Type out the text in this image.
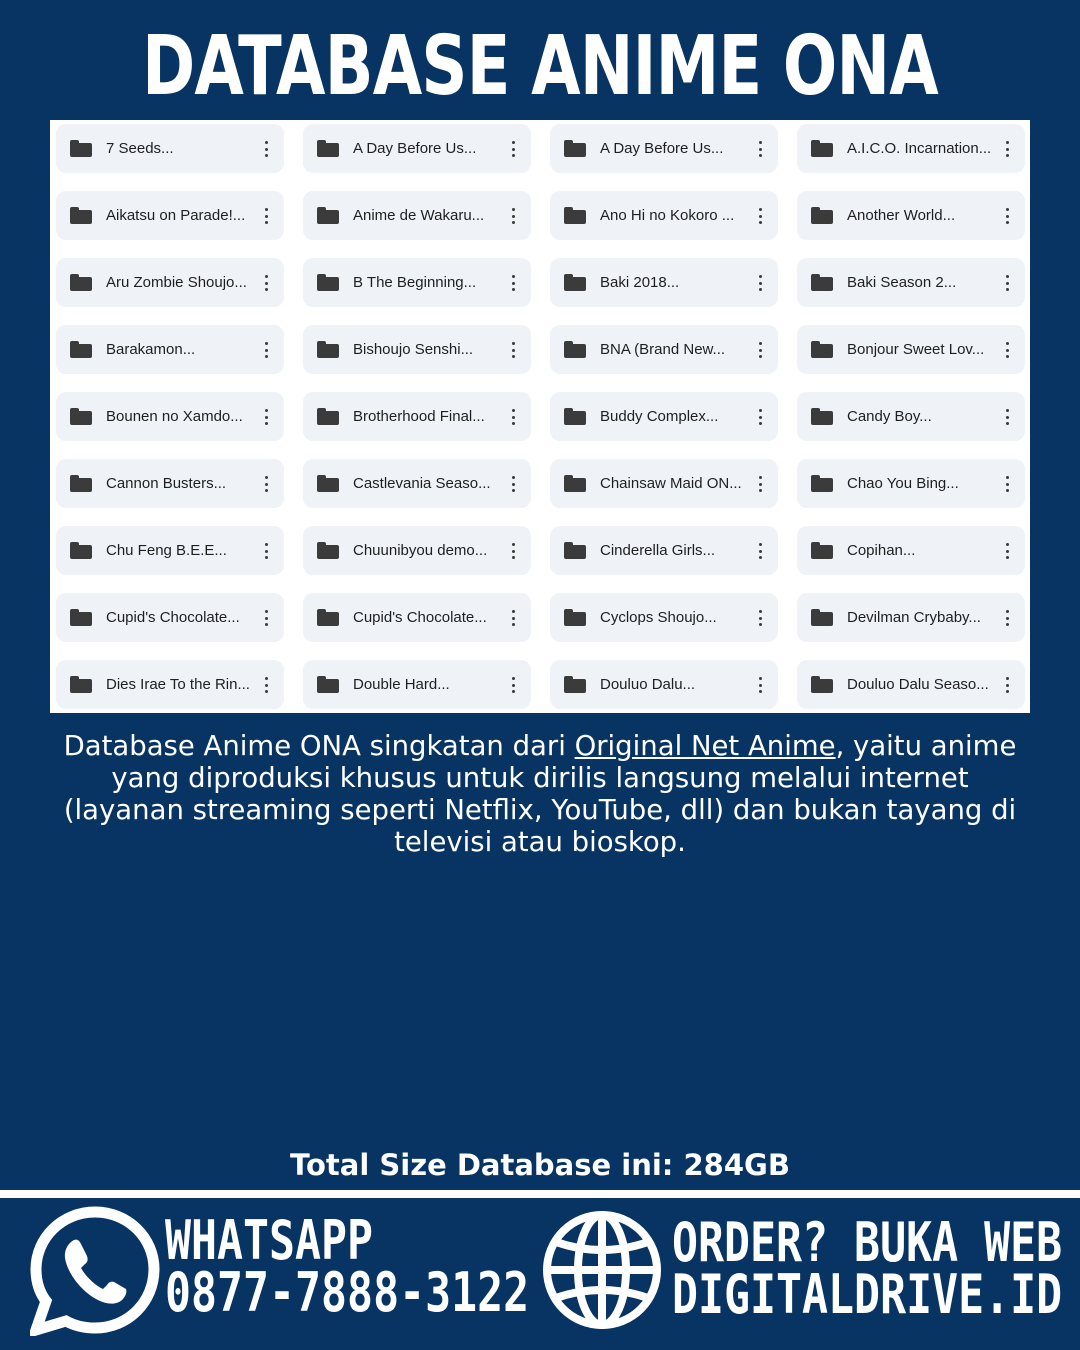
DATABASE ANIME ONA
7 Seeds...	A Day Before Us...	A Day Before Us...	A.I.C.O. Incarnation...
Aikatsu on Parade!...	Anime de Wakaru...	Ano Hi no Kokoro ...	Another World...
Aru Zombie Shoujo...	B The Beginning...	Baki 2018...	Baki Season 2...
Barakamon...	Bishoujo Senshi...	BNA (Brand New...	Bonjour Sweet Lov...
Bounen no Xamdo...	Brotherhood Final...	Buddy Complex...	Candy Boy...
Cannon Busters...	Castlevania Seaso...	Chainsaw Maid ON...	Chao You Bing...
Chu Feng B.E.E...	Chuunibyou demo...	Cinderella Girls...	Copihan...
Cupid's Chocolate...	Cupid's Chocolate...	Cyclops Shoujo...	Devilman Crybaby...
Dies Irae To the Rin...	Double Hard...	Douluo Dalu...	Douluo Dalu Seaso...
Database Anime ONA singkatan dari Original Net Anime, yaitu anime yang diproduksi khusus untuk dirilis langsung melalui internet (layanan streaming seperti Netflix, YouTube, dll) dan bukan tayang di televisi atau bioskop.
Total Size Database ini: 284GB
WHATSAPP
0877-7888-3122
ORDER? BUKA WEB
DIGITALDRIVE.ID
